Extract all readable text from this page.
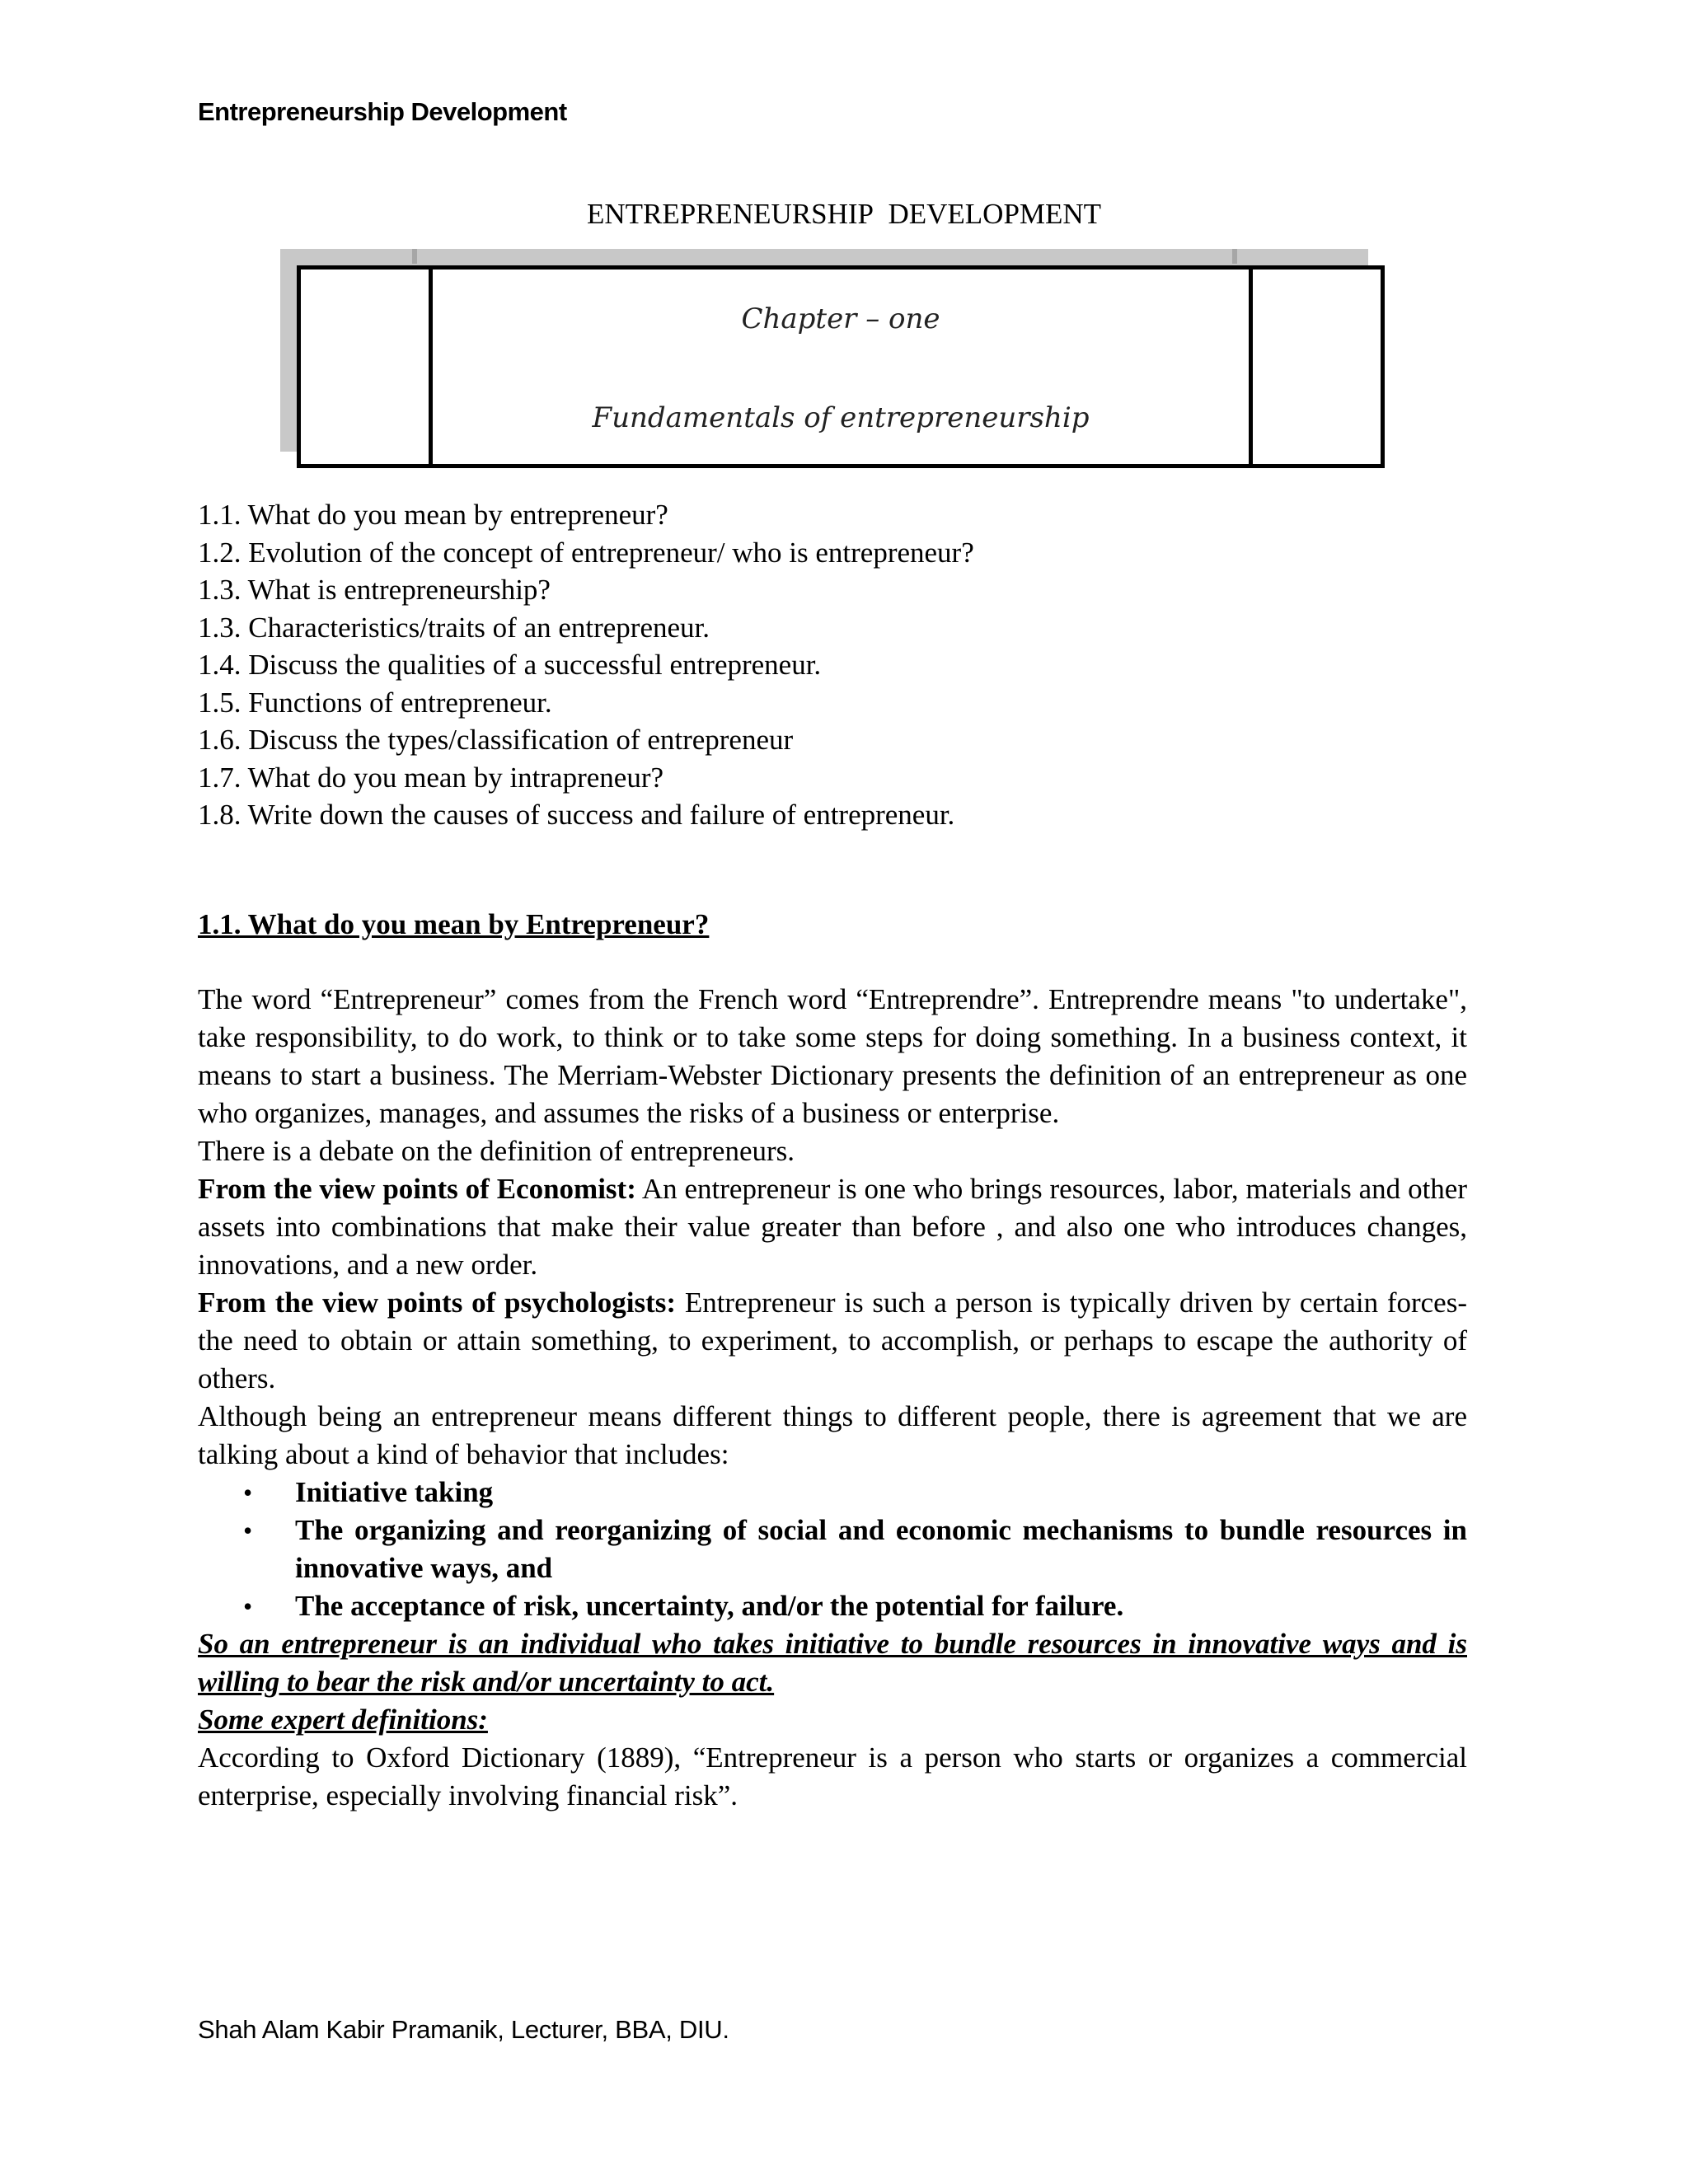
Entrepreneurship Development
ENTREPRENEURSHIP DEVELOPMENT
Chapter – one
Fundamentals of entrepreneurship
1.1. What do you mean by entrepreneur?
1.2. Evolution of the concept of entrepreneur/ who is entrepreneur?
1.3. What is entrepreneurship?
1.3. Characteristics/traits of an entrepreneur.
1.4. Discuss the qualities of a successful entrepreneur.
1.5. Functions of entrepreneur.
1.6. Discuss the types/classification of entrepreneur
1.7. What do you mean by intrapreneur?
1.8. Write down the causes of success and failure of entrepreneur.
1.1. What do you mean by Entrepreneur?

The word “Entrepreneur” comes from the French word “Entreprendre”. Entreprendre means "to undertake", take responsibility, to do work, to think or to take some steps for doing something. In a business context, it means to start a business. The Merriam-Webster Dictionary presents the definition of an entrepreneur as one who organizes, manages, and assumes the risks of a business or enterprise.

There is a debate on the definition of entrepreneurs.

From the view points of Economist: An entrepreneur is one who brings resources, labor, materials and other assets into combinations that make their value greater than before , and also one who introduces changes, innovations, and a new order.

From the view points of psychologists: Entrepreneur is such a person is typically driven by certain forces- the need to obtain or attain something, to experiment, to accomplish, or perhaps to escape the authority of others.

Although being an entrepreneur means different things to different people, there is agreement that we are talking about a kind of behavior that includes:

• Initiative taking
• The organizing and reorganizing of social and economic mechanisms to bundle resources in innovative ways, and
• The acceptance of risk, uncertainty, and/or the potential for failure.

So an entrepreneur is an individual who takes initiative to bundle resources in innovative ways and is willing to bear the risk and/or uncertainty to act.

Some expert definitions:

According to Oxford Dictionary (1889), “Entrepreneur is a person who starts or organizes a commercial enterprise, especially involving financial risk”.

Shah Alam Kabir Pramanik, Lecturer, BBA, DIU.
